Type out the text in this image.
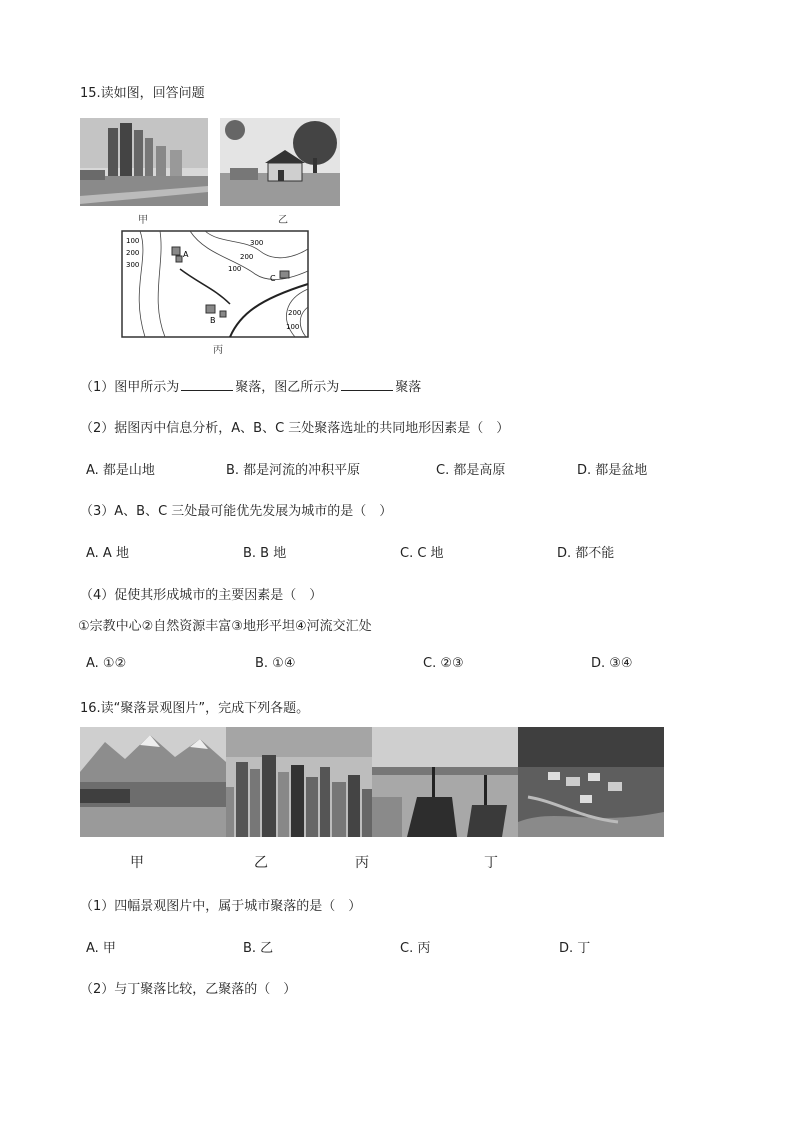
15.读如图，回答问题
甲	乙
100
200
300
300
200
100
200
100
A
B
C
丙
（1）图甲所示为	聚落，图乙所示为	聚落
（2）据图丙中信息分析，A、B、C 三处聚落选址的共同地形因素是（　）
A. 都是山地	B. 都是河流的冲积平原	C. 都是高原	D. 都是盆地
（3）A、B、C 三处最可能优先发展为城市的是（　）
A. A 地	B. B 地	C. C 地	D. 都不能
（4）促使其形成城市的主要因素是（　）
①宗教中心②自然资源丰富③地形平坦④河流交汇处
A. ①②	B. ①④	C. ②③	D. ③④
16.读“聚落景观图片”，完成下列各题。
甲	乙	丙	丁
（1）四幅景观图片中，属于城市聚落的是（　）
A. 甲	B. 乙	C. 丙	D. 丁
（2）与丁聚落比较，乙聚落的（　）
